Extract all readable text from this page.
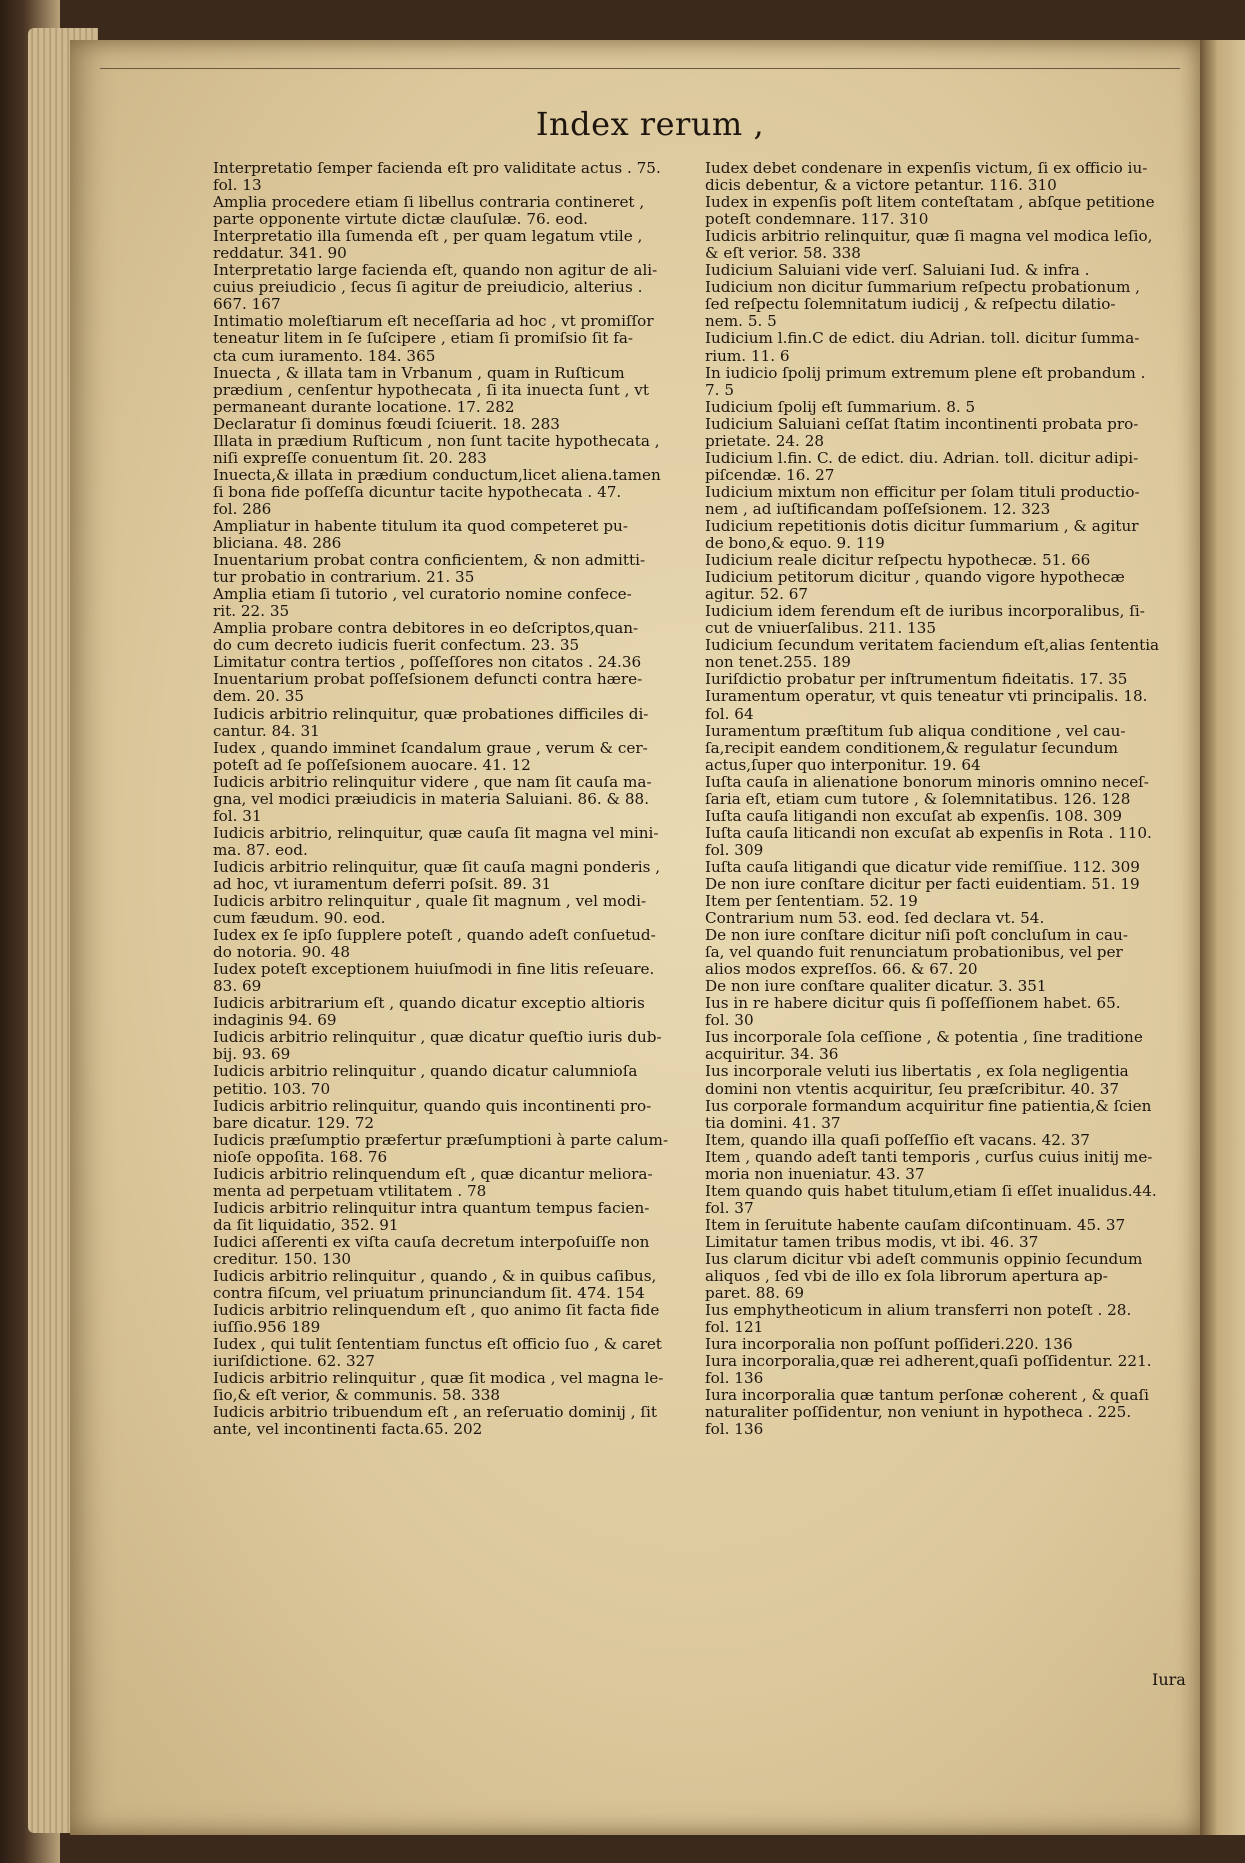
Index rerum ,
Interpretatio ſemper facienda eſt pro validitate actus . 75.
fol. 13
Amplia procedere etiam ſi libellus contraria contineret ,
parte opponente virtute dictæ clauſulæ. 76. eod.
Interpretatio illa ſumenda eſt , per quam legatum vtile ,
reddatur. 341. 90
Interpretatio large facienda eſt, quando non agitur de ali-
cuius preiudicio , ſecus ſi agitur de preiudicio, alterius .
667. 167
Intimatio moleſtiarum eſt neceſſaria ad hoc , vt promiſſor
teneatur litem in ſe ſuſcipere , etiam ſi promiſsio ſit fa-
cta cum iuramento. 184. 365
Inuecta , & illata tam in Vrbanum , quam in Ruſticum
prædium , cenſentur hypothecata , ſi ita inuecta ſunt , vt
permaneant durante locatione. 17. 282
Declaratur ſi dominus fœudi ſciuerit. 18. 283
Illata in prædium Ruſticum , non ſunt tacite hypothecata ,
niſi expreſſe conuentum ſit. 20. 283
Inuecta,& illata in prædium conductum,licet aliena.tamen
ſi bona fide poſſeſſa dicuntur tacite hypothecata . 47.
fol. 286
Ampliatur in habente titulum ita quod competeret pu-
bliciana. 48. 286
Inuentarium probat contra conficientem, & non admitti-
tur probatio in contrarium. 21. 35
Amplia etiam ſi tutorio , vel curatorio nomine confece-
rit. 22. 35
Amplia probare contra debitores in eo deſcriptos,quan-
do cum decreto iudicis fuerit confectum. 23. 35
Limitatur contra tertios , poſſeſſores non citatos . 24.36
Inuentarium probat poſſeſsionem defuncti contra hære-
dem. 20. 35
Iudicis arbitrio relinquitur, quæ probationes difficiles di-
cantur. 84. 31
Iudex , quando imminet ſcandalum graue , verum & cer-
poteſt ad ſe poſſeſsionem auocare. 41. 12
Iudicis arbitrio relinquitur videre , que nam ſit cauſa ma-
gna, vel modici præiudicis in materia Saluiani. 86. & 88.
fol. 31
Iudicis arbitrio, relinquitur, quæ cauſa ſit magna vel mini-
ma. 87. eod.
Iudicis arbitrio relinquitur, quæ ſit cauſa magni ponderis ,
ad hoc, vt iuramentum deferri poſsit. 89. 31
Iudicis arbitro relinquitur , quale ſit magnum , vel modi-
cum fæudum. 90. eod.
Iudex ex ſe ipſo ſupplere poteſt , quando adeſt conſuetud-
do notoria. 90. 48
Iudex poteſt exceptionem huiuſmodi in fine litis reſeuare.
83. 69
Iudicis arbitrarium eſt , quando dicatur exceptio altioris
indaginis 94. 69
Iudicis arbitrio relinquitur , quæ dicatur queſtio iuris dub-
bij. 93. 69
Iudicis arbitrio relinquitur , quando dicatur calumnioſa
petitio. 103. 70
Iudicis arbitrio relinquitur, quando quis incontinenti pro-
bare dicatur. 129. 72
Iudicis præſumptio præfertur præſumptioni à parte calum-
nioſe oppoſita. 168. 76
Iudicis arbitrio relinquendum eſt , quæ dicantur meliora-
menta ad perpetuam vtilitatem . 78
Iudicis arbitrio relinquitur intra quantum tempus facien-
da ſit liquidatio, 352. 91
Iudici aſſerenti ex viſta cauſa decretum interpoſuiſſe non
creditur. 150. 130
Iudicis arbitrio relinquitur , quando , & in quibus caſibus,
contra fiſcum, vel priuatum prinunciandum ſit. 474. 154
Iudicis arbitrio relinquendum eſt , quo animo ſit facta fide
iuſſio.956 189
Iudex , qui tulit ſententiam functus eſt officio ſuo , & caret
iuriſdictione. 62. 327
Iudicis arbitrio relinquitur , quæ ſit modica , vel magna le-
ſio,& eſt verior, & communis. 58. 338
Iudicis arbitrio tribuendum eſt , an reſeruatio dominij , ſit
ante, vel incontinenti facta.65. 202
Iudex debet condenare in expenſis victum, ſi ex officio iu-
dicis debentur, & a victore petantur. 116. 310
Iudex in expenſis poſt litem conteſtatam , abſque petitione
poteſt condemnare. 117. 310
Iudicis arbitrio relinquitur, quæ ſi magna vel modica leſio,
& eſt verior. 58. 338
Iudicium Saluiani vide verſ. Saluiani Iud. & infra .
Iudicium non dicitur ſummarium reſpectu probationum ,
ſed reſpectu ſolemnitatum iudicij , & reſpectu dilatio-
nem. 5. 5
Iudicium l.fin.C de edict. diu Adrian. toll. dicitur ſumma-
rium. 11. 6
In iudicio ſpolij primum extremum plene eſt probandum .
7. 5
Iudicium ſpolij eſt ſummarium. 8. 5
Iudicium Saluiani ceſſat ſtatim incontinenti probata pro-
prietate. 24. 28
Iudicium l.fin. C. de edict. diu. Adrian. toll. dicitur adipi-
piſcendæ. 16. 27
Iudicium mixtum non efficitur per ſolam tituli productio-
nem , ad iuſtificandam poſſeſsionem. 12. 323
Iudicium repetitionis dotis dicitur ſummarium , & agitur
de bono,& equo. 9. 119
Iudicium reale dicitur reſpectu hypothecæ. 51. 66
Iudicium petitorum dicitur , quando vigore hypothecæ
agitur. 52. 67
Iudicium idem ferendum eſt de iuribus incorporalibus, ſi-
cut de vniuerſalibus. 211. 135
Iudicium ſecundum veritatem faciendum eſt,alias ſententia
non tenet.255. 189
Iuriſdictio probatur per inſtrumentum fideitatis. 17. 35
Iuramentum operatur, vt quis teneatur vti principalis. 18.
fol. 64
Iuramentum præſtitum ſub aliqua conditione , vel cau-
ſa,recipit eandem conditionem,& regulatur ſecundum
actus,ſuper quo interponitur. 19. 64
Iuſta cauſa in alienatione bonorum minoris omnino neceſ-
ſaria eſt, etiam cum tutore , & ſolemnitatibus. 126. 128
Iuſta cauſa litigandi non excuſat ab expenſis. 108. 309
Iuſta cauſa liticandi non excuſat ab expenſis in Rota . 110.
fol. 309
Iuſta cauſa litigandi que dicatur vide remiſſiue. 112. 309
De non iure conſtare dicitur per facti euidentiam. 51. 19
Item per ſententiam. 52. 19
Contrarium num 53. eod. ſed declara vt. 54.
De non iure conſtare dicitur niſi poſt concluſum in cau-
ſa, vel quando fuit renunciatum probationibus, vel per
alios modos expreſſos. 66. & 67. 20
De non iure conſtare qualiter dicatur. 3. 351
Ius in re habere dicitur quis ſi poſſeſſionem habet. 65.
fol. 30
Ius incorporale ſola ceſſione , & potentia , ſine traditione
acquiritur. 34. 36
Ius incorporale veluti ius libertatis , ex ſola negligentia
domini non vtentis acquiritur, ſeu præſcribitur. 40. 37
Ius corporale formandum acquiritur fine patientia,& ſcien
tia domini. 41. 37
Item, quando illa quaſi poſſeſſio eſt vacans. 42. 37
Item , quando adeſt tanti temporis , curſus cuius initij me-
moria non inueniatur. 43. 37
Item quando quis habet titulum,etiam ſi eſſet inualidus.44.
fol. 37
Item in ſeruitute habente cauſam diſcontinuam. 45. 37
Limitatur tamen tribus modis, vt ibi. 46. 37
Ius clarum dicitur vbi adeſt communis oppinio ſecundum
aliquos , ſed vbi de illo ex ſola librorum apertura ap-
paret. 88. 69
Ius emphytheoticum in alium transferri non poteſt . 28.
fol. 121
Iura incorporalia non poſſunt poſſideri.220. 136
Iura incorporalia,quæ rei adherent,quaſi poſſidentur. 221.
fol. 136
Iura incorporalia quæ tantum perſonæ coherent , & quaſi
naturaliter poſſidentur, non veniunt in hypotheca . 225.
fol. 136
Iura
